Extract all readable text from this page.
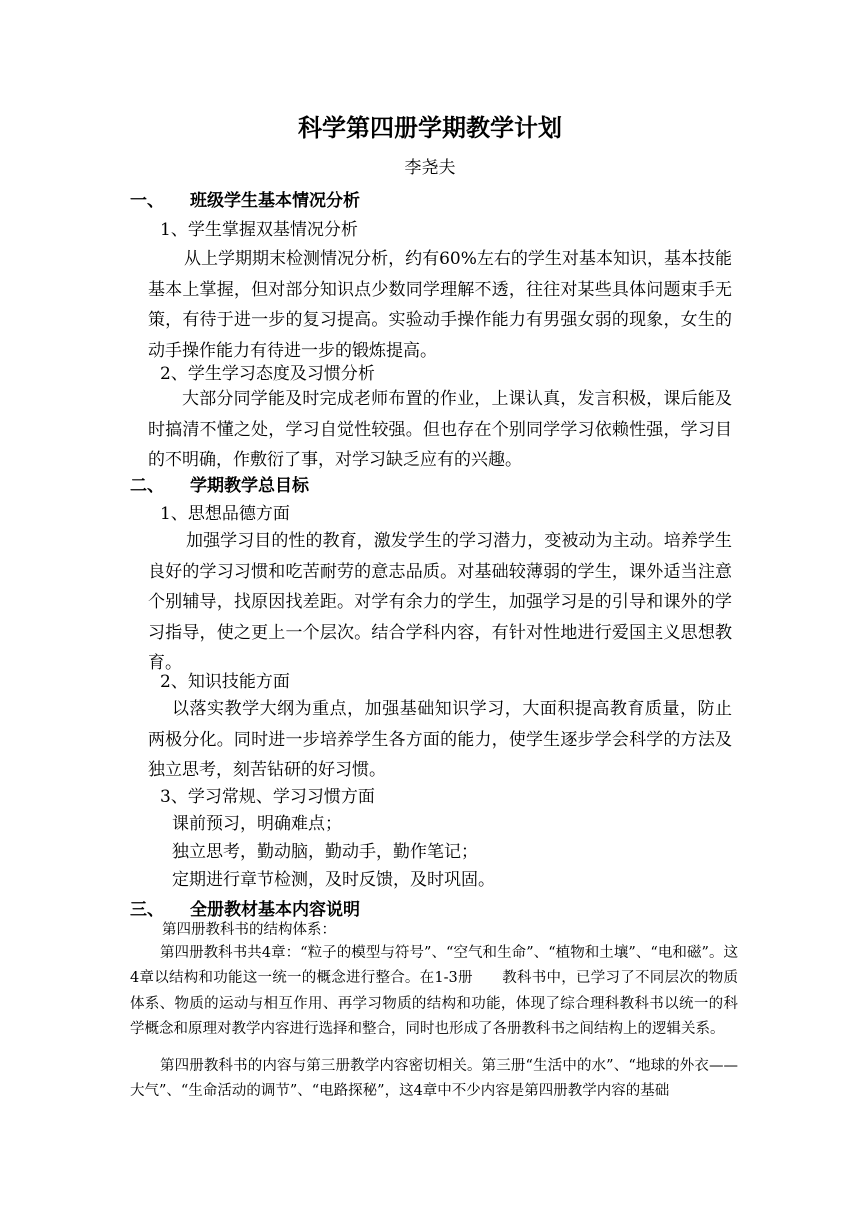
科学第四册学期教学计划
李尧夫
一、 班级学生基本情况分析
1、学生掌握双基情况分析
从上学期期末检测情况分析，约有60%左右的学生对基本知识，基本技能基本上掌握，但对部分知识点少数同学理解不透，往往对某些具体问题束手无策，有待于进一步的复习提高。实验动手操作能力有男强女弱的现象，女生的动手操作能力有待进一步的锻炼提高。
2、学生学习态度及习惯分析
大部分同学能及时完成老师布置的作业，上课认真，发言积极，课后能及时搞清不懂之处，学习自觉性较强。但也存在个别同学学习依赖性强，学习目的不明确，作敷衍了事，对学习缺乏应有的兴趣。
二、 学期教学总目标
1、思想品德方面
加强学习目的性的教育，激发学生的学习潜力，变被动为主动。培养学生良好的学习习惯和吃苦耐劳的意志品质。对基础较薄弱的学生，课外适当注意个别辅导，找原因找差距。对学有余力的学生，加强学习是的引导和课外的学习指导，使之更上一个层次。结合学科内容，有针对性地进行爱国主义思想教育。
2、知识技能方面
以落实教学大纲为重点，加强基础知识学习，大面积提高教育质量，防止两极分化。同时进一步培养学生各方面的能力，使学生逐步学会科学的方法及独立思考，刻苦钻研的好习惯。
3、学习常规、学习习惯方面
课前预习，明确难点；
独立思考，勤动脑，勤动手，勤作笔记；
定期进行章节检测，及时反馈，及时巩固。
三、 全册教材基本内容说明
第四册教科书的结构体系：
第四册教科书共4章：“粒子的模型与符号”、“空气和生命”、“植物和土壤”、“电和磁”。这4章以结构和功能这一统一的概念进行整合。在1-3册　　教科书中，已学习了不同层次的物质体系、物质的运动与相互作用、再学习物质的结构和功能，体现了综合理科教科书以统一的科学概念和原理对教学内容进行选择和整合，同时也形成了各册教科书之间结构上的逻辑关系。
第四册教科书的内容与第三册教学内容密切相关。第三册“生活中的水”、“地球的外衣——大气”、“生命活动的调节”、“电路探秘”，这4章中不少内容是第四册教学内容的基础
